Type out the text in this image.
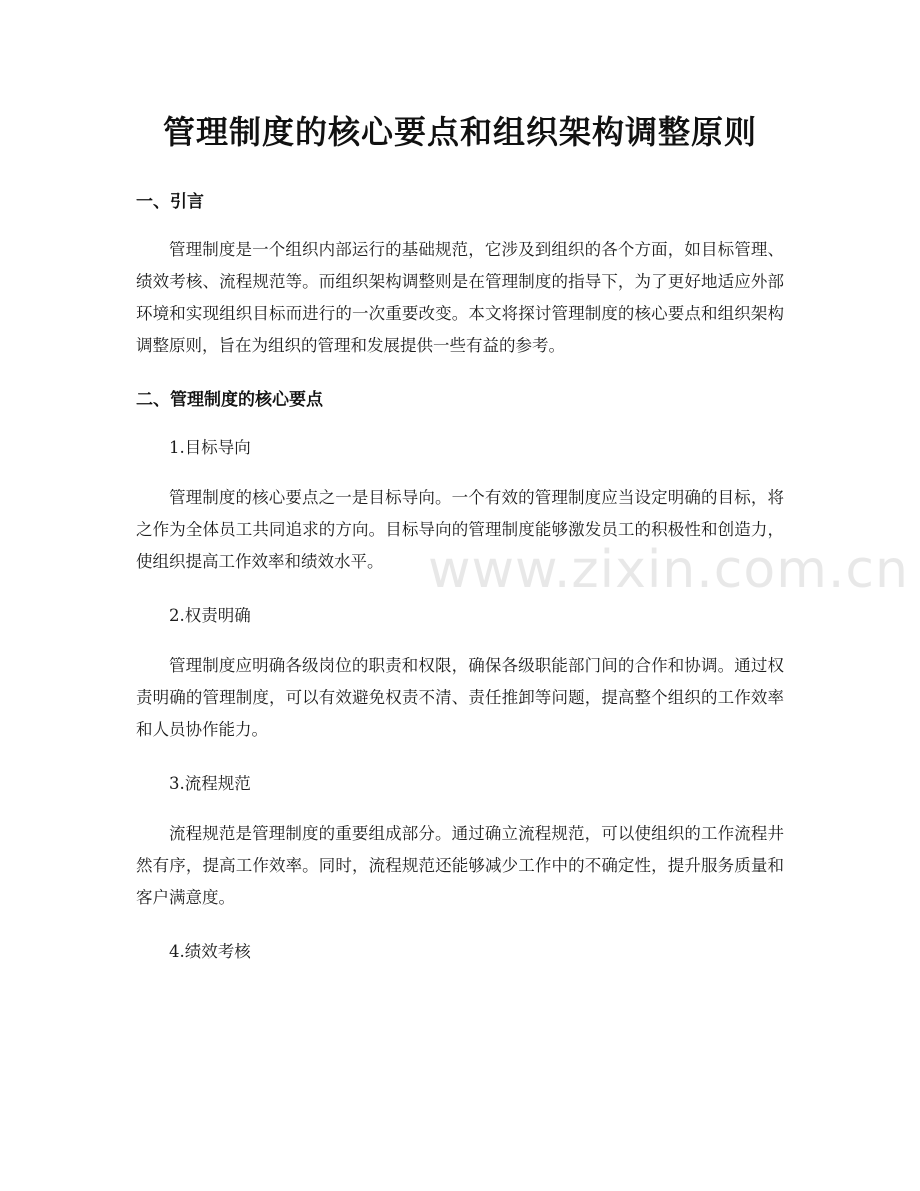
管理制度的核心要点和组织架构调整原则
一、引言

管理制度是一个组织内部运行的基础规范，它涉及到组织的各个方面，如目标管理、绩效考核、流程规范等。而组织架构调整则是在管理制度的指导下，为了更好地适应外部环境和实现组织目标而进行的一次重要改变。本文将探讨管理制度的核心要点和组织架构调整原则，旨在为组织的管理和发展提供一些有益的参考。

二、管理制度的核心要点

1.目标导向

管理制度的核心要点之一是目标导向。一个有效的管理制度应当设定明确的目标，将之作为全体员工共同追求的方向。目标导向的管理制度能够激发员工的积极性和创造力，使组织提高工作效率和绩效水平。

2.权责明确

管理制度应明确各级岗位的职责和权限，确保各级职能部门间的合作和协调。通过权责明确的管理制度，可以有效避免权责不清、责任推卸等问题，提高整个组织的工作效率和人员协作能力。

3.流程规范

流程规范是管理制度的重要组成部分。通过确立流程规范，可以使组织的工作流程井然有序，提高工作效率。同时，流程规范还能够减少工作中的不确定性，提升服务质量和客户满意度。

4.绩效考核

www.zixin.com.cn
